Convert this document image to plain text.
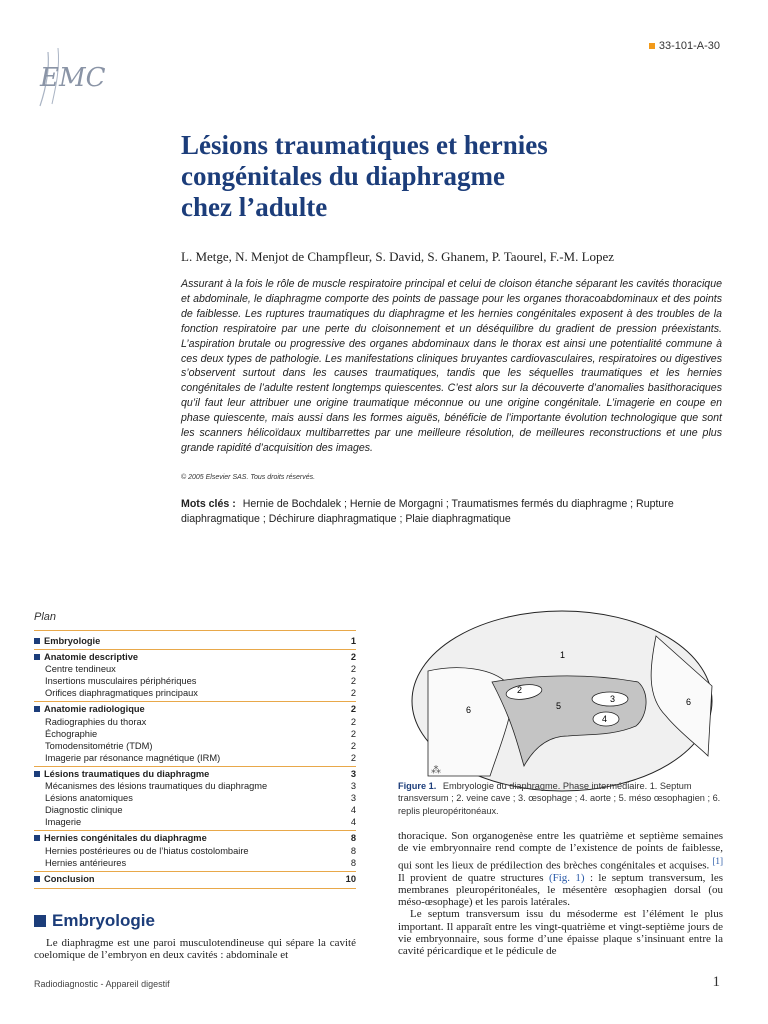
EMC
33-101-A-30
Lésions traumatiques et hernies
congénitales du diaphragme
chez l’adulte
L. Metge, N. Menjot de Champfleur, S. David, S. Ghanem, P. Taourel, F.-M. Lopez

Assurant à la fois le rôle de muscle respiratoire principal et celui de cloison étanche séparant les cavités thoracique et abdominale, le diaphragme comporte des points de passage pour les organes thoracoabdominaux et des points de faiblesse. Les ruptures traumatiques du diaphragme et les hernies congénitales exposent à des troubles de la fonction respiratoire par une perte du cloisonnement et un déséquilibre du gradient de pression préexistants. L’aspiration brutale ou progressive des organes abdominaux dans le thorax est ainsi une potentialité commune à ces deux types de pathologie. Les manifestations cliniques bruyantes cardiovasculaires, respiratoires ou digestives s’observent surtout dans les causes traumatiques, tandis que les séquelles traumatiques et les hernies congénitales de l’adulte restent longtemps quiescentes. C’est alors sur la découverte d’anomalies basithoraciques qu’il faut leur attribuer une origine traumatique méconnue ou une origine congénitale. L’imagerie en coupe en phase quiescente, mais aussi dans les formes aiguës, bénéficie de l’importante évolution technologique que sont les scanners hélicoïdaux multibarrettes par une meilleure résolution, de meilleures reconstructions et une plus grande rapidité d’acquisition des images.

© 2005 Elsevier SAS. Tous droits réservés.
Mots clés : Hernie de Bochdalek ; Hernie de Morgagni ; Traumatismes fermés du diaphragme ; Rupture diaphragmatique ; Déchirure diaphragmatique ; Plaie diaphragmatique
Plan
Embryologie	1
Anatomie descriptive	2
Centre tendineux	2
Insertions musculaires périphériques	2
Orifices diaphragmatiques principaux	2
Anatomie radiologique	2
Radiographies du thorax	2
Échographie	2
Tomodensitométrie (TDM)	2
Imagerie par résonance magnétique (IRM)	2
Lésions traumatiques du diaphragme	3
Mécanismes des lésions traumatiques du diaphragme	3
Lésions anatomiques	3
Diagnostic clinique	4
Imagerie	4
Hernies congénitales du diaphragme	8
Hernies postérieures ou de l’hiatus costolombaire	8
Hernies antérieures	8
Conclusion	10
1
2
3
4
5
6
6
⁂
Figure 1. Embryologie du diaphragme. Phase intermédiaire. 1. Septum transversum ; 2. veine cave ; 3. œsophage ; 4. aorte ; 5. méso œsophagien ; 6. replis pleuropéritonéaux.
Embryologie

Le diaphragme est une paroi musculotendineuse qui sépare la cavité coelomique de l’embryon en deux cavités : abdominale et

thoracique. Son organogenèse entre les quatrième et septième semaines de vie embryonnaire rend compte de l’existence de points de faiblesse, qui sont les lieux de prédilection des brèches congénitales et acquises. [1] Il provient de quatre structures (Fig. 1) : le septum transversum, les membranes pleuropéritonéales, le mésentère œsophagien dorsal (ou méso-œsophage) et les parois latérales.

Le septum transversum issu du mésoderme est l’élément le plus important. Il apparaît entre les vingt-quatrième et vingt-septième jours de vie embryonnaire, sous forme d’une épaisse plaque s’insinuant entre la cavité péricardique et le pédicule de

Radiodiagnostic - Appareil digestif	1
